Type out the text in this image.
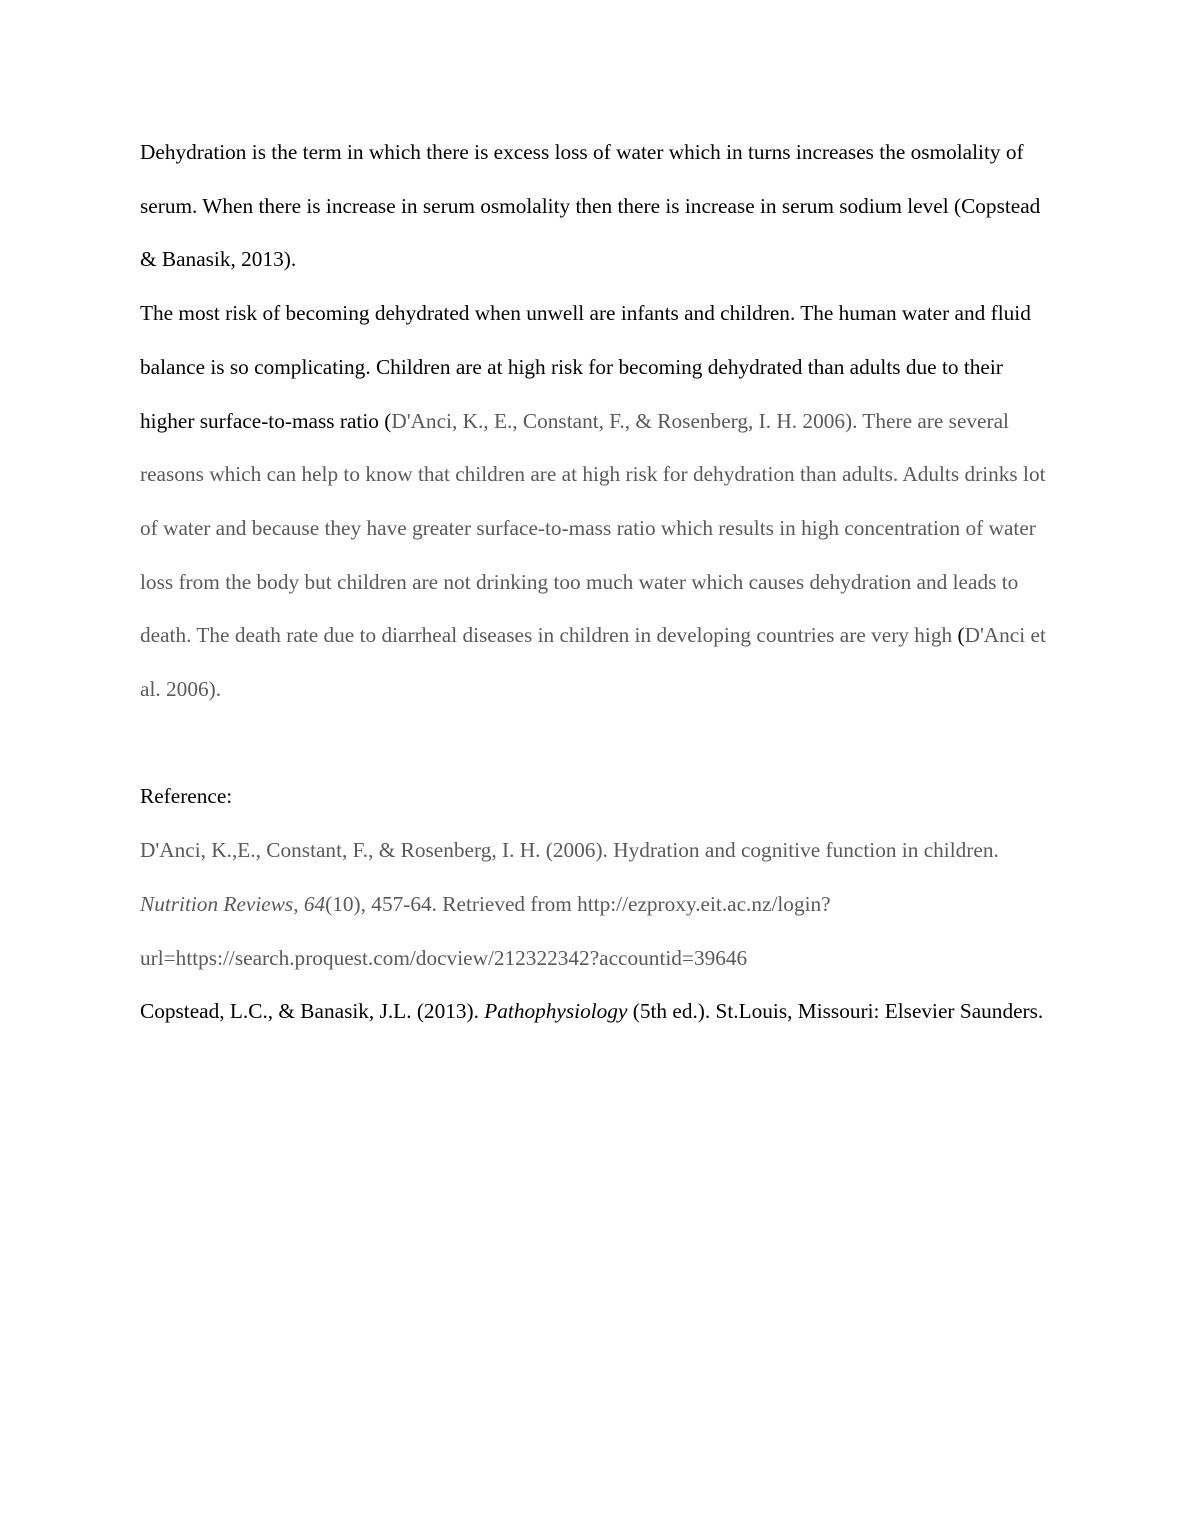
Dehydration is the term in which there is excess loss of water which in turns increases the osmolality of serum. When there is increase in serum osmolality then there is increase in serum sodium level (Copstead & Banasik, 2013).

The most risk of becoming dehydrated when unwell are infants and children. The human water and fluid balance is so complicating. Children are at high risk for becoming dehydrated than adults due to their higher surface-to-mass ratio (D'Anci, K., E., Constant, F., & Rosenberg, I. H. 2006). There are several reasons which can help to know that children are at high risk for dehydration than adults. Adults drinks lot of water and because they have greater surface-to-mass ratio which results in high concentration of water loss from the body but children are not drinking too much water which causes dehydration and leads to death. The death rate due to diarrheal diseases in children in developing countries are very high (D'Anci et al. 2006).

Reference:

D'Anci, K.,E., Constant, F., & Rosenberg, I. H. (2006). Hydration and cognitive function in children. Nutrition Reviews, 64(10), 457-64. Retrieved from http://ezproxy.eit.ac.nz/login?url=https://search.proquest.com/docview/212322342?accountid=39646

Copstead, L.C., & Banasik, J.L. (2013). Pathophysiology (5th ed.). St.Louis, Missouri: Elsevier Saunders.
